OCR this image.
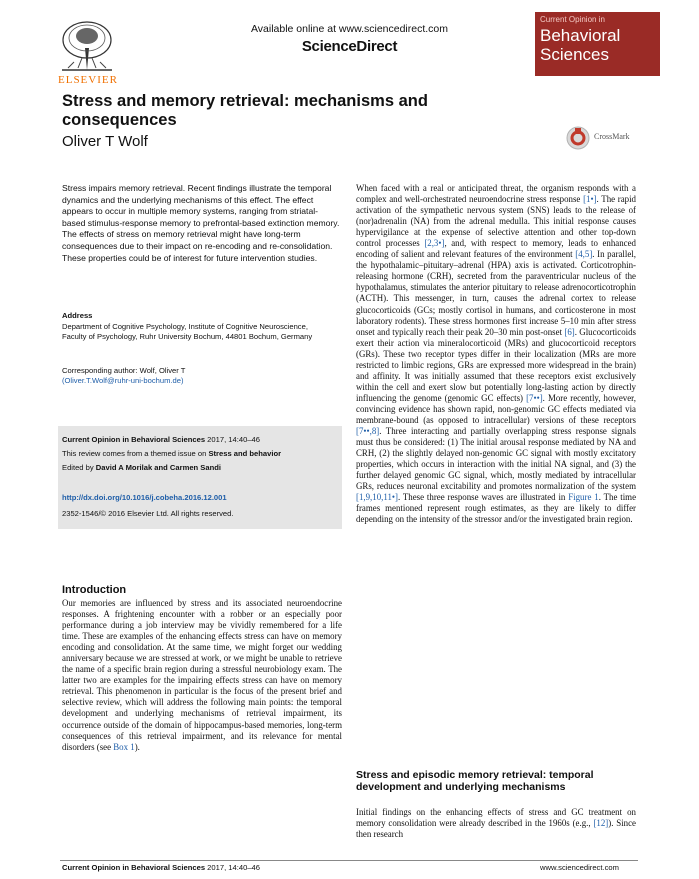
ELSEVIER
Available online at www.sciencedirect.com
ScienceDirect
Current Opinion in
Behavioral
Sciences
Stress and memory retrieval: mechanisms and consequences
Oliver T Wolf	CrossMark
Stress impairs memory retrieval. Recent findings illustrate the temporal dynamics and the underlying mechanisms of this effect. The effect appears to occur in multiple memory systems, ranging from striatal-based stimulus-response memory to prefrontal-based extinction memory. The effects of stress on memory retrieval might have long-term consequences due to their impact on re-encoding and re-consolidation. These properties could be of interest for future intervention studies.
Address
Department of Cognitive Psychology, Institute of Cognitive Neuroscience, Faculty of Psychology, Ruhr University Bochum, 44801 Bochum, Germany
Corresponding author: Wolf, Oliver T
(Oliver.T.Wolf@ruhr-uni-bochum.de)
Current Opinion in Behavioral Sciences 2017, 14:40–46
This review comes from a themed issue on Stress and behavior
Edited by David A Morilak and Carmen Sandi
http://dx.doi.org/10.1016/j.cobeha.2016.12.001
2352-1546/© 2016 Elsevier Ltd. All rights reserved.
Introduction
Our memories are influenced by stress and its associated neuroendocrine responses. A frightening encounter with a robber or an especially poor performance during a job interview may be vividly remembered for a life time. These are examples of the enhancing effects stress can have on memory encoding and consolidation. At the same time, we might forget our wedding anniversary because we are stressed at work, or we might be unable to retrieve the name of a specific brain region during a stressful neurobiology exam. The latter two are examples for the impairing effects stress can have on memory retrieval. This phenomenon in particular is the focus of the present brief and selective review, which will address the following main points: the temporal development and underlying mechanisms of retrieval impairment, its occurrence outside of the domain of hippocampus-based memories, long-term consequences of this retrieval impairment, and its relevance for mental disorders (see Box 1).
When faced with a real or anticipated threat, the organism responds with a complex and well-orchestrated neuroendocrine stress response [1•]. The rapid activation of the sympathetic nervous system (SNS) leads to the release of (nor)adrenalin (NA) from the adrenal medulla. This initial response causes hypervigilance at the expense of selective attention and other top-down control processes [2,3•], and, with respect to memory, leads to enhanced encoding of salient and relevant features of the environment [4,5]. In parallel, the hypothalamic–pituitary–adrenal (HPA) axis is activated. Corticotrophin-releasing hormone (CRH), secreted from the paraventricular nucleus of the hypothalamus, stimulates the anterior pituitary to release adrenocorticotrophin (ACTH). This messenger, in turn, causes the adrenal cortex to release glucocorticoids (GCs; mostly cortisol in humans, and corticosterone in most laboratory rodents). These stress hormones first increase 5–10 min after stress onset and typically reach their peak 20–30 min post-onset [6]. Glucocorticoids exert their action via mineralocorticoid (MRs) and glucocorticoid receptors (GRs). These two receptor types differ in their localization (MRs are more restricted to limbic regions, GRs are expressed more widespread in the brain) and affinity. It was initially assumed that these receptors exist exclusively within the cell and exert slow but potentially long-lasting action by directly influencing the genome (genomic GC effects) [7••]. More recently, however, convincing evidence has shown rapid, non-genomic GC effects mediated via membrane-bound (as opposed to intracellular) versions of these receptors [7••,8]. Three interacting and partially overlapping stress response signals must thus be considered: (1) The initial arousal response mediated by NA and CRH, (2) the slightly delayed non-genomic GC signal with mostly excitatory properties, which occurs in interaction with the initial NA signal, and (3) the further delayed genomic GC signal, which, mostly mediated by intracellular GRs, reduces neuronal excitability and promotes normalization of the system [1,9,10,11•]. These three response waves are illustrated in Figure 1. The time frames mentioned represent rough estimates, as they are likely to differ depending on the intensity of the stressor and/or the investigated brain region.
Stress and episodic memory retrieval: temporal development and underlying mechanisms
Initial findings on the enhancing effects of stress and GC treatment on memory consolidation were already described in the 1960s (e.g., [12]). Since then research
Current Opinion in Behavioral Sciences 2017, 14:40–46	www.sciencedirect.com
